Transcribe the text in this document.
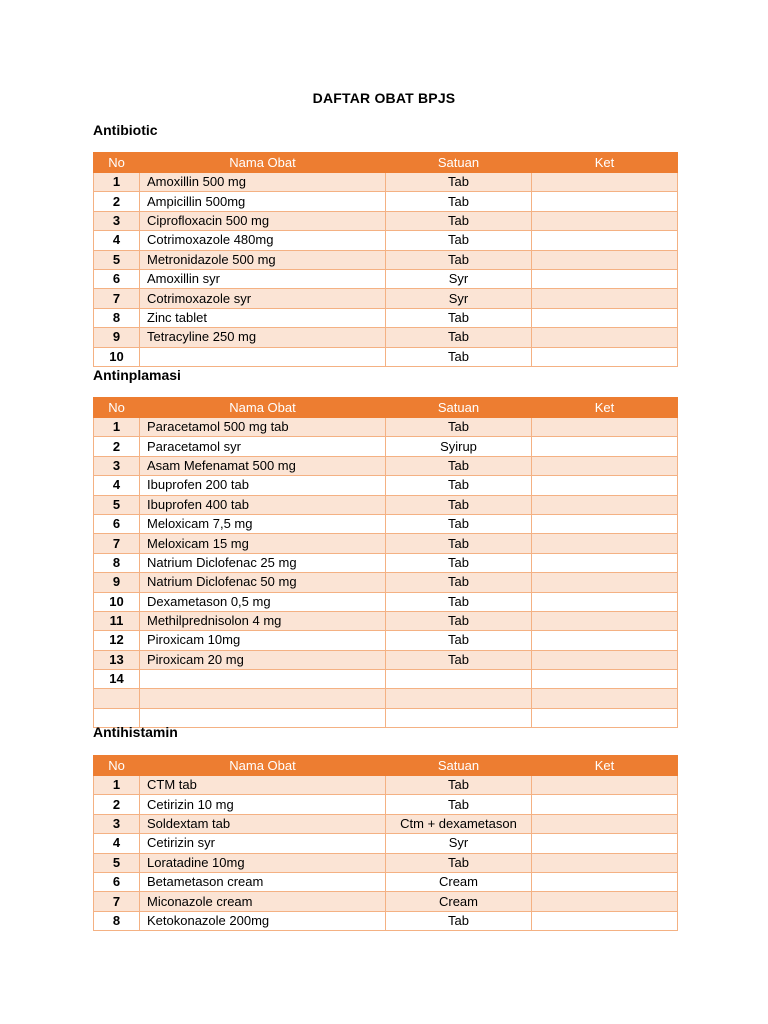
DAFTAR OBAT BPJS
Antibiotic
No	Nama Obat	Satuan	Ket
1	Amoxillin 500 mg	Tab	
2	Ampicillin 500mg	Tab	
3	Ciprofloxacin 500 mg	Tab	
4	Cotrimoxazole 480mg	Tab	
5	Metronidazole 500 mg	Tab	
6	Amoxillin syr	Syr	
7	Cotrimoxazole syr	Syr	
8	Zinc tablet	Tab	
9	Tetracyline 250 mg	Tab	
10		Tab	
Antinplamasi
No	Nama Obat	Satuan	Ket
1	Paracetamol 500 mg tab	Tab	
2	Paracetamol syr	Syirup	
3	Asam Mefenamat 500 mg	Tab	
4	Ibuprofen 200 tab	Tab	
5	Ibuprofen 400 tab	Tab	
6	Meloxicam 7,5 mg	Tab	
7	Meloxicam 15 mg	Tab	
8	Natrium Diclofenac 25 mg	Tab	
9	Natrium Diclofenac 50 mg	Tab	
10	Dexametason 0,5 mg	Tab	
11	Methilprednisolon 4 mg	Tab	
12	Piroxicam 10mg	Tab	
13	Piroxicam 20 mg	Tab	
14			

Antihistamin
No	Nama Obat	Satuan	Ket
1	CTM tab	Tab	
2	Cetirizin 10 mg	Tab	
3	Soldextam tab	Ctm + dexametason	
4	Cetirizin syr	Syr	
5	Loratadine 10mg	Tab	
6	Betametason cream	Cream	
7	Miconazole cream	Cream	
8	Ketokonazole 200mg	Tab	
